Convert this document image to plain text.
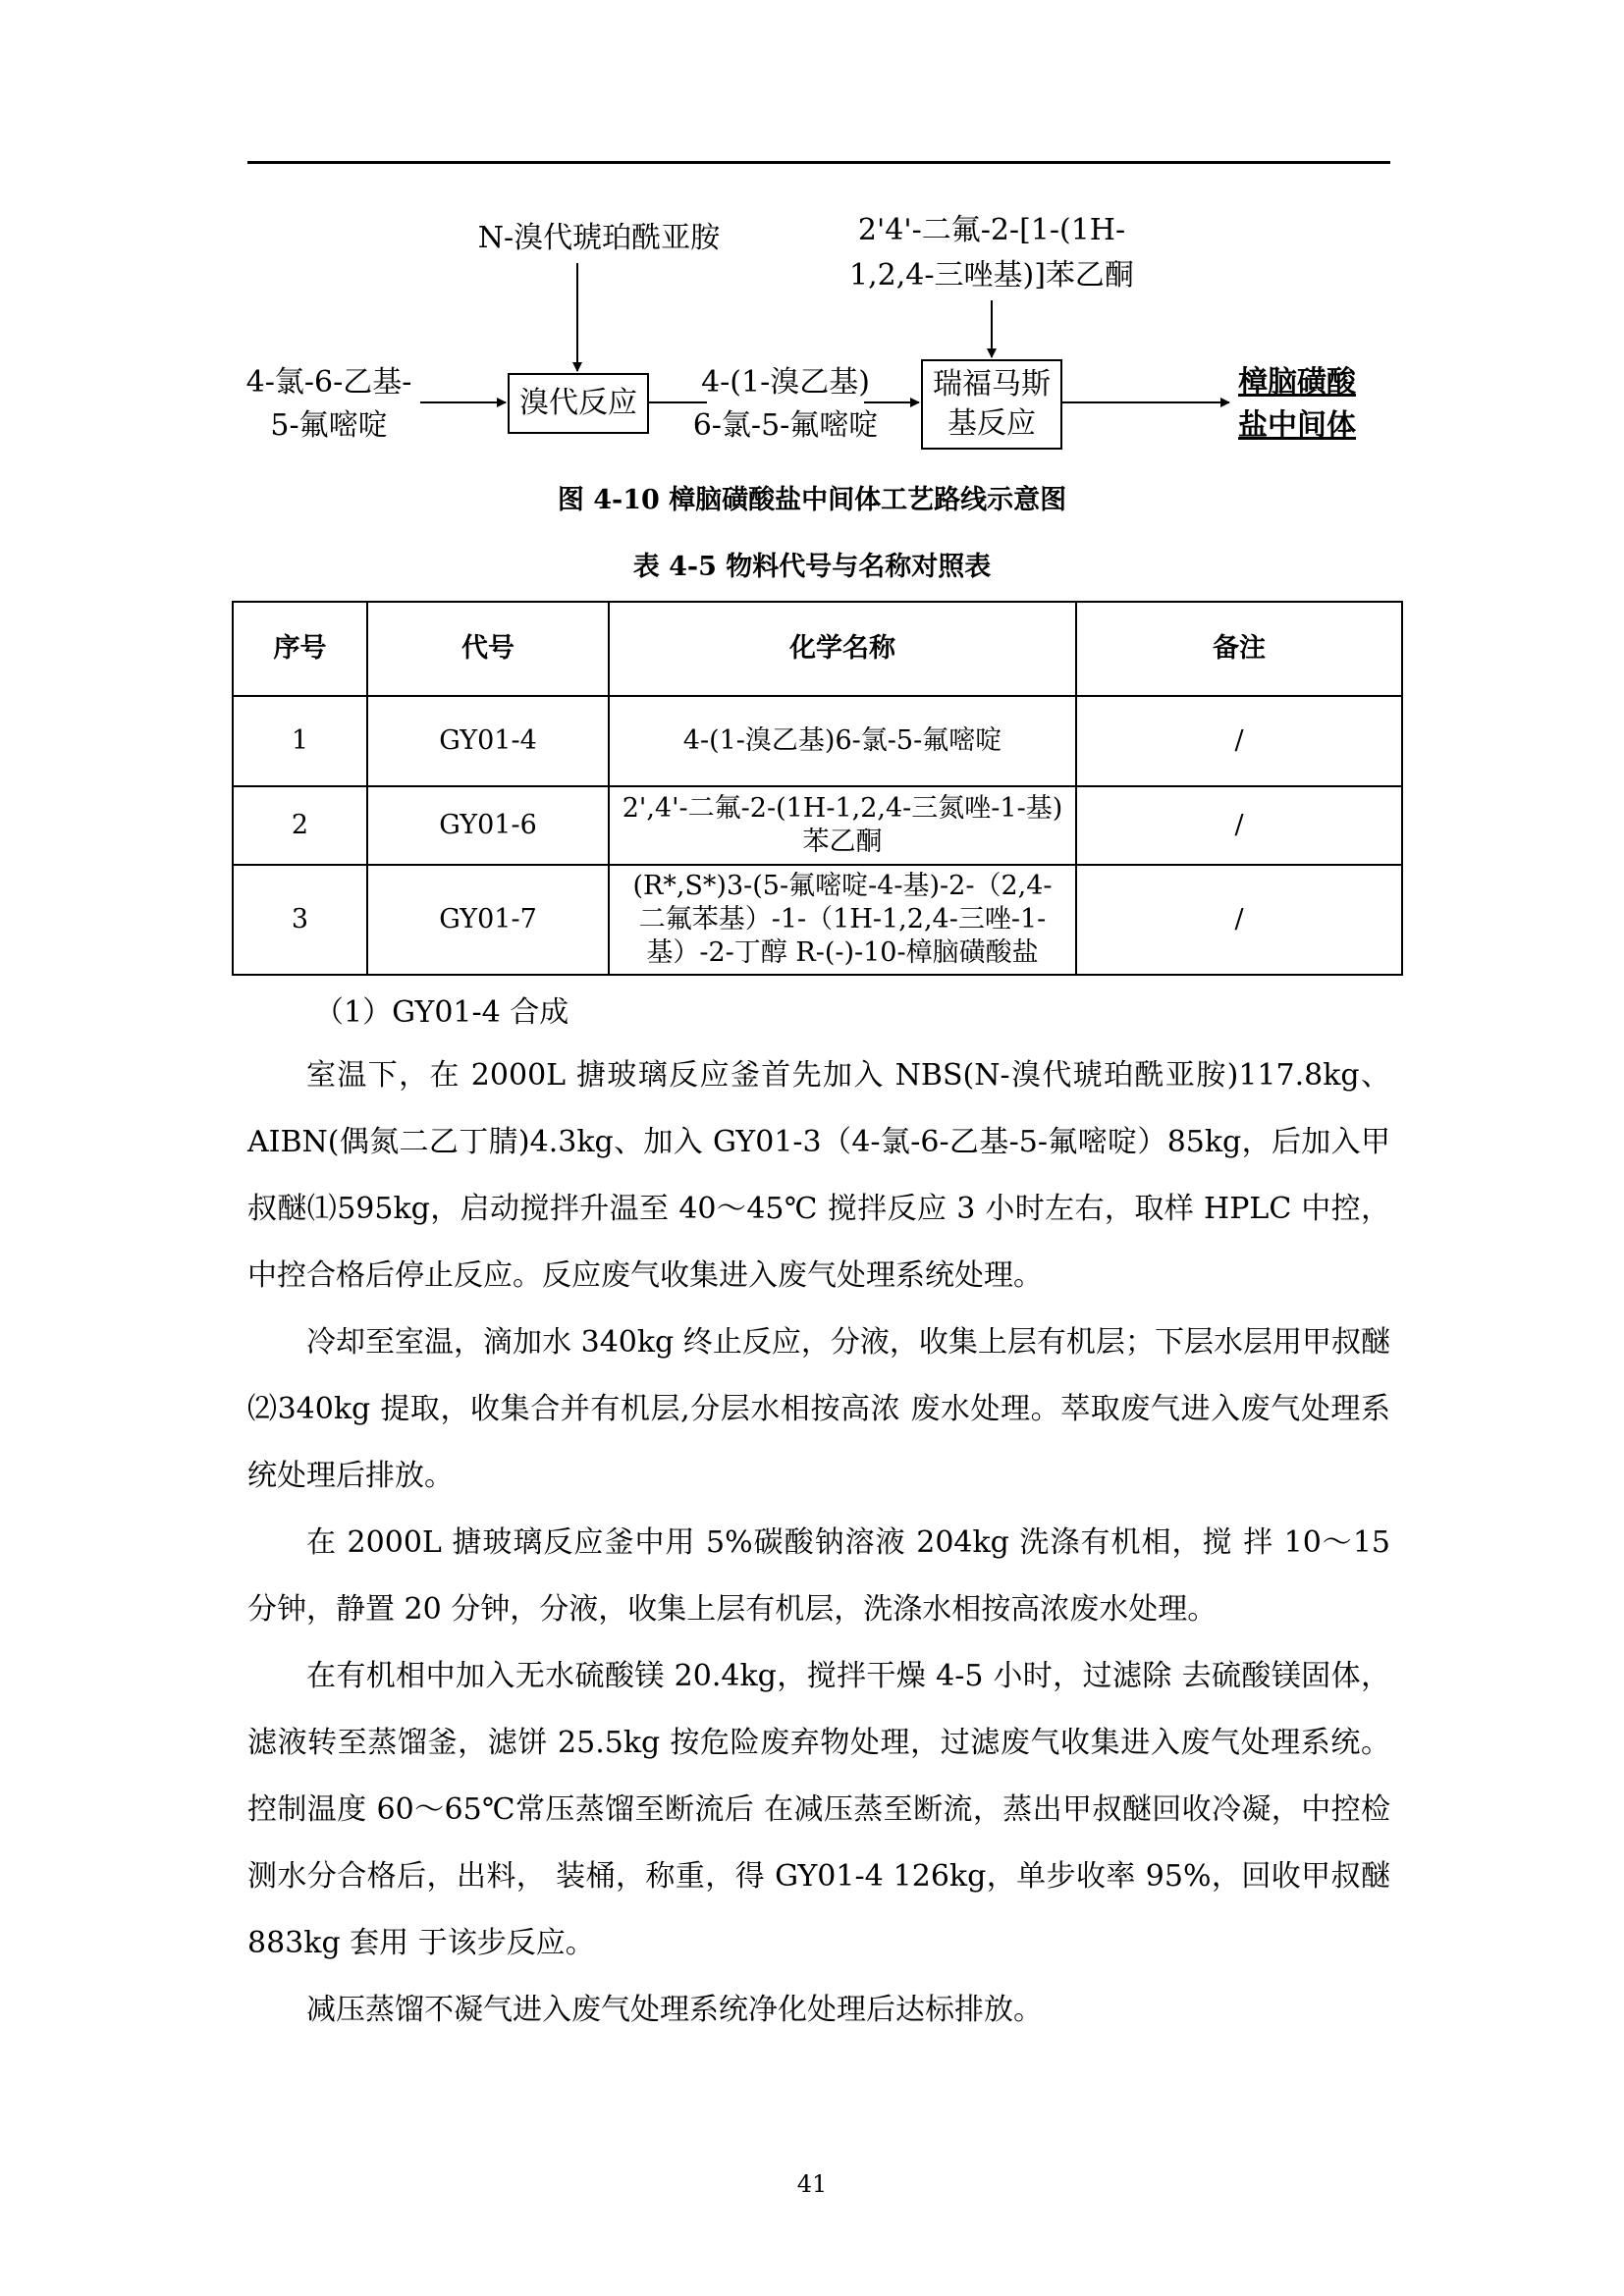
N-溴代琥珀酰亚胺	2'4'-二氟-2-[1-(1H-
1,2,4-三唑基)]苯乙酮
4-氯-6-乙基-
5-氟嘧啶
溴代反应
4-(1-溴乙基)
6-氯-5-氟嘧啶
瑞福马斯
基反应
樟脑磺酸
盐中间体
图 4-10 樟脑磺酸盐中间体工艺路线示意图
表 4-5 物料代号与名称对照表
序号	代号	化学名称	备注
1	GY01-4	4-(1-溴乙基)6-氯-5-氟嘧啶	/
2	GY01-6	2',4'-二氟-2-(1H-1,2,4-三氮唑-1-基)
苯乙酮	/
3	GY01-7	(R*,S*)3-(5-氟嘧啶-4-基)-2-（2,4-
二氟苯基）-1-（1H-1,2,4-三唑-1-
基）-2-丁醇 R-(-)-10-樟脑磺酸盐	/
（1）GY01-4 合成

室温下，在 2000L 搪玻璃反应釜首先加入 NBS(N-溴代琥珀酰亚胺)117.8kg、AIBN(偶氮二乙丁腈)4.3kg、加入 GY01-3（4-氯-6-乙基-5-氟嘧啶）85kg，后加入甲叔醚⑴595kg，启动搅拌升温至 40～45℃ 搅拌反应 3 小时左右，取样 HPLC 中控，中控合格后停止反应。反应废气收集进入废气处理系统处理。

冷却至室温，滴加水 340kg 终止反应，分液，收集上层有机层；下层水层用甲叔醚⑵340kg 提取，收集合并有机层,分层水相按高浓 废水处理。萃取废气进入废气处理系统处理后排放。

在 2000L 搪玻璃反应釜中用 5%碳酸钠溶液 204kg 洗涤有机相，搅 拌 10～15 分钟，静置 20 分钟，分液，收集上层有机层，洗涤水相按高浓废水处理。

在有机相中加入无水硫酸镁 20.4kg，搅拌干燥 4-5 小时，过滤除 去硫酸镁固体，滤液转至蒸馏釜，滤饼 25.5kg 按危险废弃物处理，过滤废气收集进入废气处理系统。控制温度 60～65℃常压蒸馏至断流后 在减压蒸至断流，蒸出甲叔醚回收冷凝，中控检测水分合格后，出料， 装桶，称重，得 GY01-4 126kg，单步收率 95%，回收甲叔醚 883kg 套用 于该步反应。

减压蒸馏不凝气进入废气处理系统净化处理后达标排放。

41
